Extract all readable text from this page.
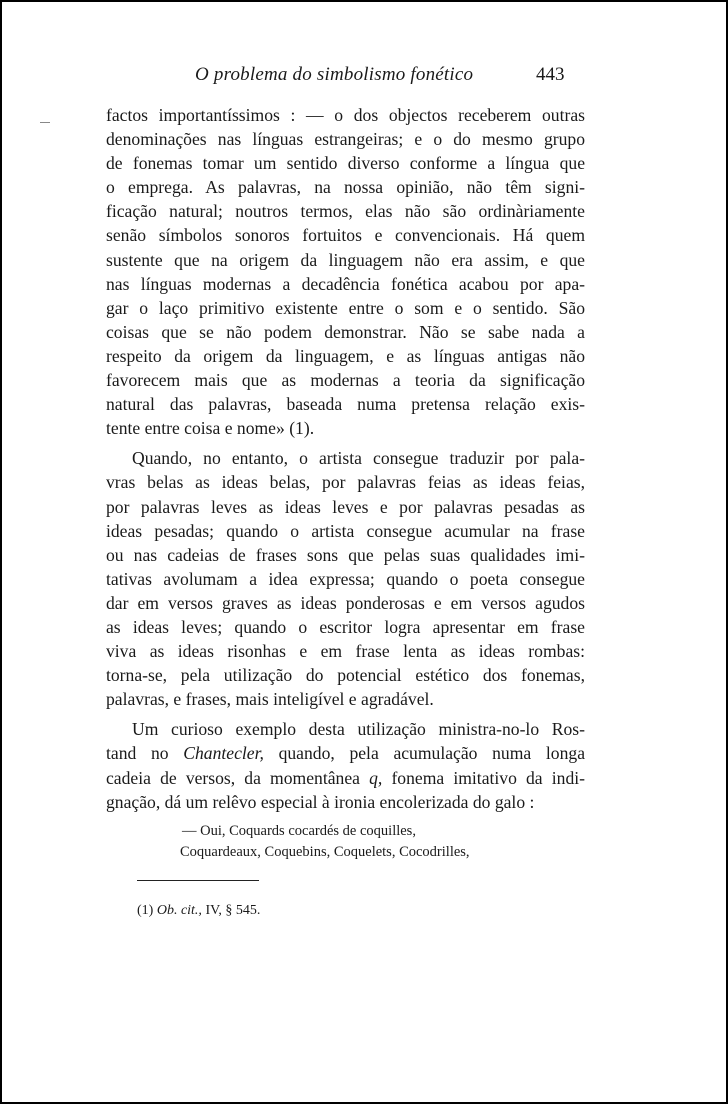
O problema do simbolismo fonético	443
factos importantíssimos : — o dos objectos receberem outras
denominações nas línguas estrangeiras; e o do mesmo grupo
de fonemas tomar um sentido diverso conforme a língua que
o emprega. As palavras, na nossa opinião, não têm signi-
ficação natural; noutros termos, elas não são ordinàriamente
senão símbolos sonoros fortuitos e convencionais. Há quem
sustente que na origem da linguagem não era assim, e que
nas línguas modernas a decadência fonética acabou por apa-
gar o laço primitivo existente entre o som e o sentido. São
coisas que se não podem demonstrar. Não se sabe nada a
respeito da origem da linguagem, e as línguas antigas não
favorecem mais que as modernas a teoria da significação
natural das palavras, baseada numa pretensa relação exis-
tente entre coisa e nome» (1).
Quando, no entanto, o artista consegue traduzir por pala-
vras belas as ideas belas, por palavras feias as ideas feias,
por palavras leves as ideas leves e por palavras pesadas as
ideas pesadas; quando o artista consegue acumular na frase
ou nas cadeias de frases sons que pelas suas qualidades imi-
tativas avolumam a idea expressa; quando o poeta consegue
dar em versos graves as ideas ponderosas e em versos agudos
as ideas leves; quando o escritor logra apresentar em frase
viva as ideas risonhas e em frase lenta as ideas rombas:
torna-se, pela utilização do potencial estético dos fonemas,
palavras, e frases, mais inteligível e agradável.
Um curioso exemplo desta utilização ministra-no-lo Ros-
tand no Chantecler, quando, pela acumulação numa longa
cadeia de versos, da momentânea q, fonema imitativo da indi-
gnação, dá um relêvo especial à ironia encolerizada do galo :
— Oui, Coquards cocardés de coquilles,
Coquardeaux, Coquebins, Coquelets, Cocodrilles,
(1) Ob. cit., IV, § 545.
